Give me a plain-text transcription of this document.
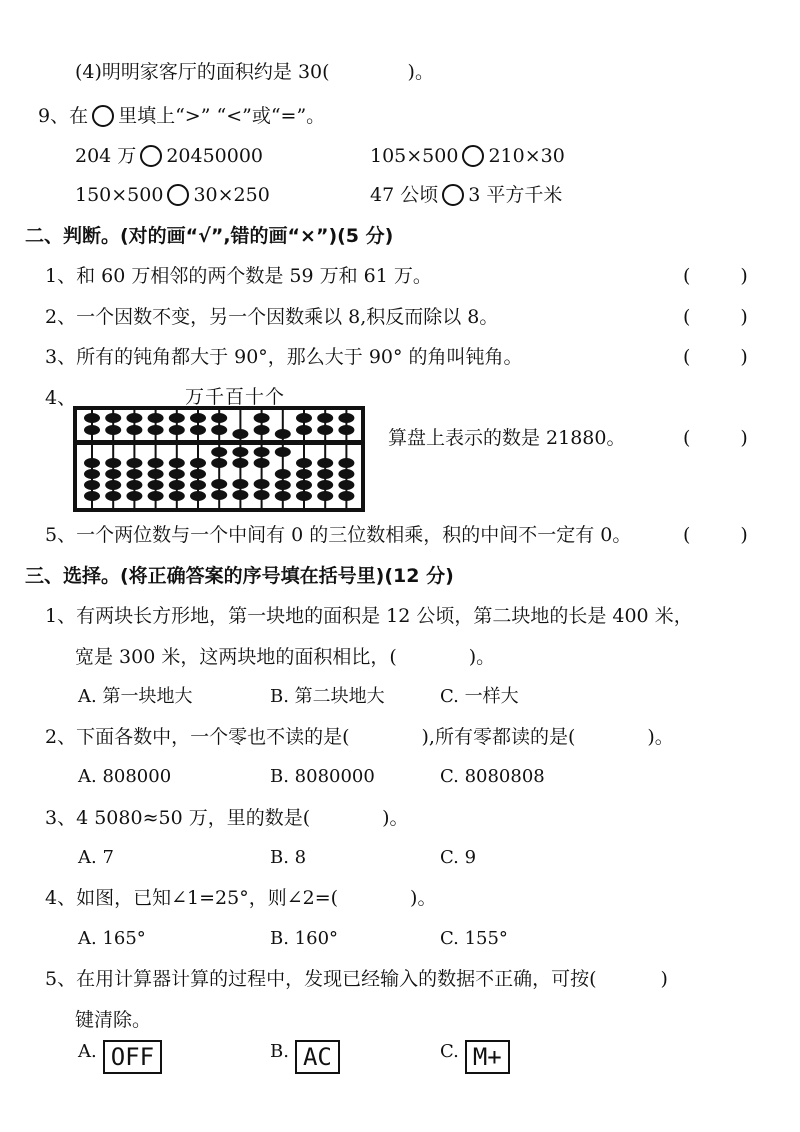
(4)明明家客厅的面积约是 30(	)。
9、在 里填上“>” “<”或“=”。
204 万 20450000	105×500 210×30
150×500 30×250	47 公顷 3 平方千米
二、判断。(对的画“√”,错的画“×”)(5 分)
1、和 60 万相邻的两个数是 59 万和 61 万。	(	)
2、一个因数不变，另一个因数乘以 8,积反而除以 8。	(	)
3、所有的钝角都大于 90°，那么大于 90° 的角叫钝角。	(	)
4、	万千百十个
算盘上表示的数是 21880。	(	)
5、一个两位数与一个中间有 0 的三位数相乘，积的中间不一定有 0。	(	)
三、选择。(将正确答案的序号填在括号里)(12 分)
1、有两块长方形地，第一块地的面积是 12 公顷，第二块地的长是 400 米，
宽是 300 米，这两块地的面积相比，(	)。
A. 第一块地大	B. 第二块地大	C. 一样大
2、下面各数中，一个零也不读的是(	),所有零都读的是(	)。
A. 808000	B. 8080000	C. 8080808
3、4 5080≈50 万，里的数是(	)。
A. 7	B. 8	C. 9
4、如图，已知∠1=25°，则∠2=(	)。
A. 165°	B. 160°	C. 155°
5、在用计算器计算的过程中，发现已经输入的数据不正确，可按(	)
键清除。
A. OFF	B. AC	C. M+
